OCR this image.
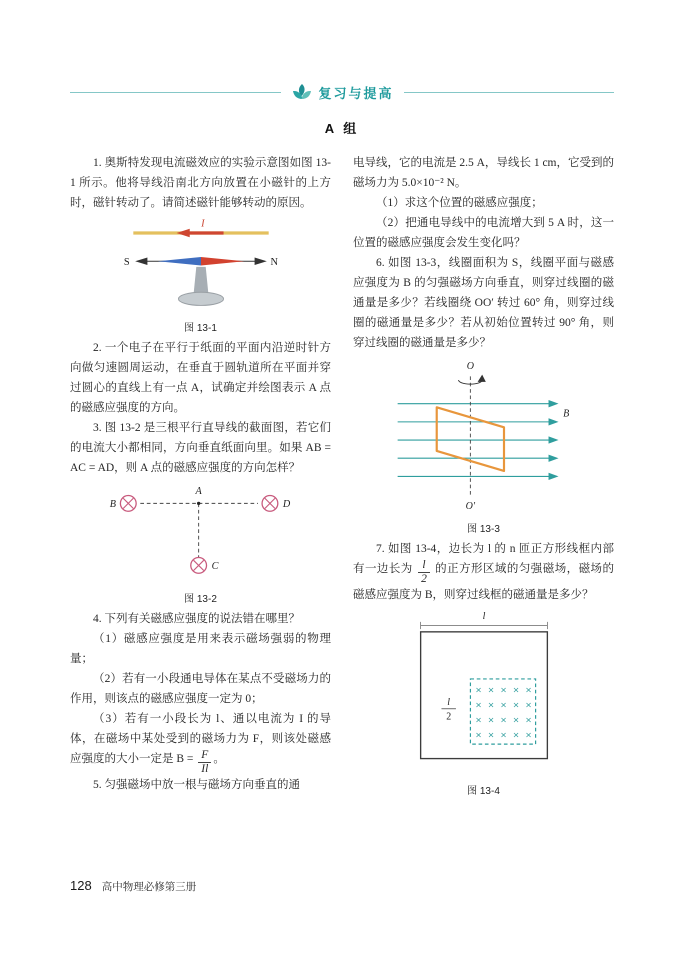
复习与提高
A 组

1. 奥斯特发现电流磁效应的实验示意图如图 13-1 所示。他将导线沿南北方向放置在小磁针的上方时，磁针转动了。请简述磁针能够转动的原因。

I
S	N
图 13-1

2. 一个电子在平行于纸面的平面内沿逆时针方向做匀速圆周运动，在垂直于圆轨道所在平面并穿过圆心的直线上有一点 A，试确定并绘图表示 A 点的磁感应强度的方向。

3. 图 13-2 是三根平行直导线的截面图，若它们的电流大小都相同，方向垂直纸面向里。如果 AB = AC = AD，则 A 点的磁感应强度的方向怎样？

A
B	D
C
图 13-2

4. 下列有关磁感应强度的说法错在哪里？

（1）磁感应强度是用来表示磁场强弱的物理量；

（2）若有一小段通电导体在某点不受磁场力的作用，则该点的磁感应强度一定为 0；

（3）若有一小段长为 l、通以电流为 I 的导体，在磁场中某处受到的磁场力为 F，则该处磁感应强度的大小一定是 $B = \frac{F}{Il}$ 。

5. 匀强磁场中放一根与磁场方向垂直的通

电导线，它的电流是 2.5 A，导线长 1 cm，它受到的磁场力为 5.0×10⁻² N。

（1）求这个位置的磁感应强度；

（2）把通电导线中的电流增大到 5 A 时，这一位置的磁感应强度会发生变化吗？

6. 如图 13-3，线圈面积为 S，线圈平面与磁感应强度为 B 的匀强磁场方向垂直，则穿过线圈的磁通量是多少？若线圈绕 OO′ 转过 60° 角，则穿过线圈的磁通量是多少？若从初始位置转过 90° 角，则穿过线圈的磁通量是多少？

B
O
O′
图 13-3

7. 如图 13-4，边长为 l 的 n 匝正方形线框内部有一边长为 $\frac{l}{2}$ 的正方形区域的匀强磁场，磁场的磁感应强度为 B，则穿过线框的磁通量是多少？

l
× × × × ×
× × × × ×
× × × × ×
× × × × ×
l
2
图 13-4
128 高中物理必修第三册
